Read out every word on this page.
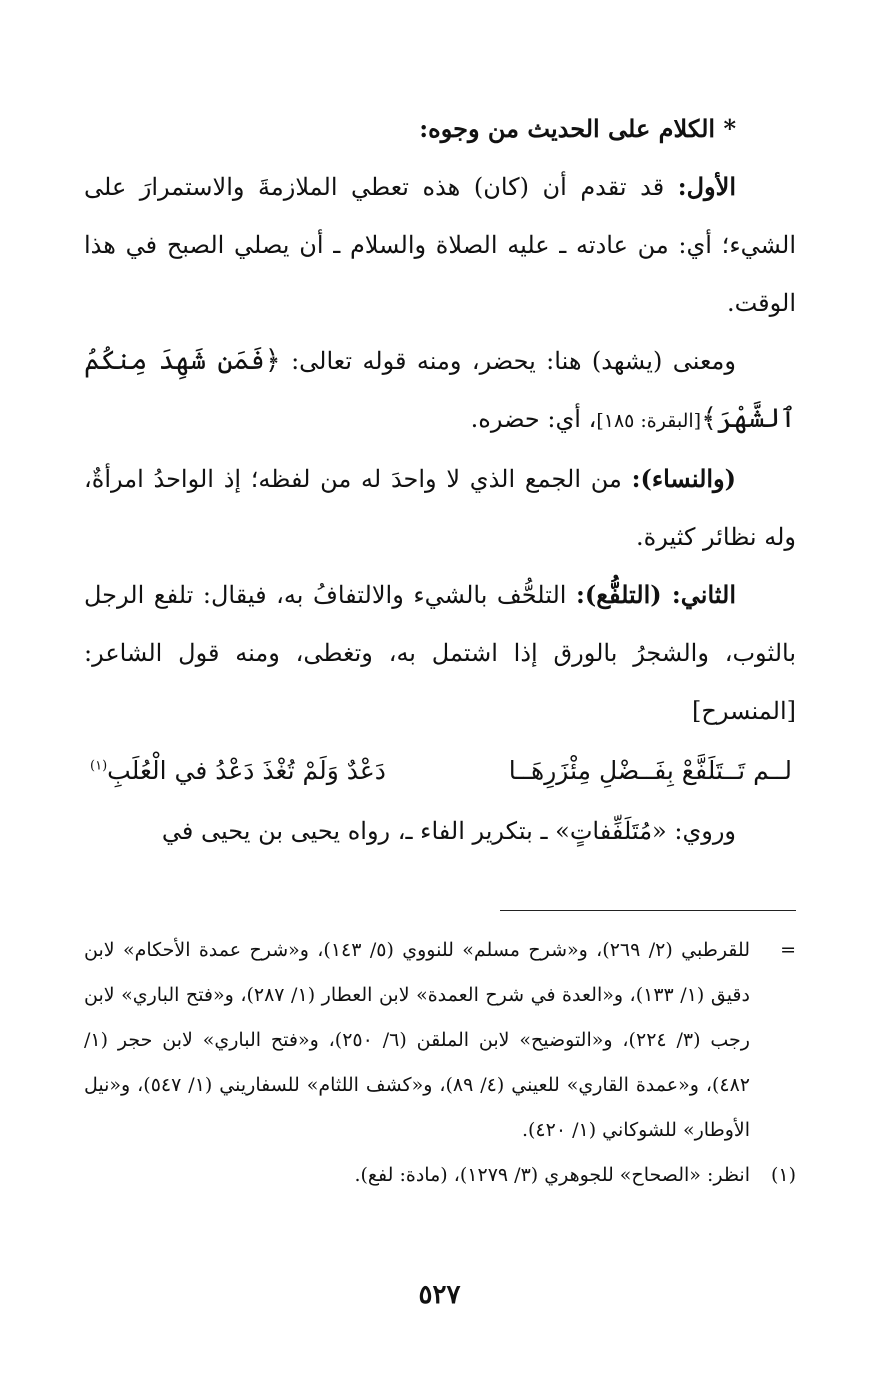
* الكلام على الحديث من وجوه:

الأول: قد تقدم أن (كان) هذه تعطي الملازمةَ والاستمرارَ على الشيء؛ أي: من عادته ـ عليه الصلاة والسلام ـ أن يصلي الصبح في هذا الوقت.

ومعنى (يشهد) هنا: يحضر، ومنه قوله تعالى: ﴿فَمَن شَهِدَ مِنكُمُ ٱلشَّهْرَ﴾[البقرة: ١٨٥]، أي: حضره.

(والنساء): من الجمع الذي لا واحدَ له من لفظه؛ إذ الواحدُ امرأةٌ، وله نظائر كثيرة.

الثاني: (التلفُّع): التلحُّف بالشيء والالتفافُ به، فيقال: تلفع الرجل بالثوب، والشجرُ بالورق إذا اشتمل به، وتغطى، ومنه قول الشاعر: [المنسرح]

لــم تَــتَلَفَّعْ بِفَــضْلِ مِئْزَرِهَــا
دَعْدٌ وَلَمْ تُغْذَ دَعْدُ في الْعُلَبِ$^{(١)}$

وروي: «مُتَلَفِّفاتٍ» ـ بتكرير الفاء ـ، رواه يحيى بن يحيى في

=
للقرطبي (٢/ ٢٦٩)، و«شرح مسلم» للنووي (٥/ ١٤٣)، و«شرح عمدة الأحكام» لابن دقيق (١/ ١٣٣)، و«العدة في شرح العمدة» لابن العطار (١/ ٢٨٧)، و«فتح الباري» لابن رجب (٣/ ٢٢٤)، و«التوضيح» لابن الملقن (٦/ ٢٥٠)، و«فتح الباري» لابن حجر (١/ ٤٨٢)، و«عمدة القاري» للعيني (٤/ ٨٩)، و«كشف اللثام» للسفاريني (١/ ٥٤٧)، و«نيل الأوطار» للشوكاني (١/ ٤٢٠).
(١)
انظر: «الصحاح» للجوهري (٣/ ١٢٧٩)، (مادة: لفع).
٥٢٧
